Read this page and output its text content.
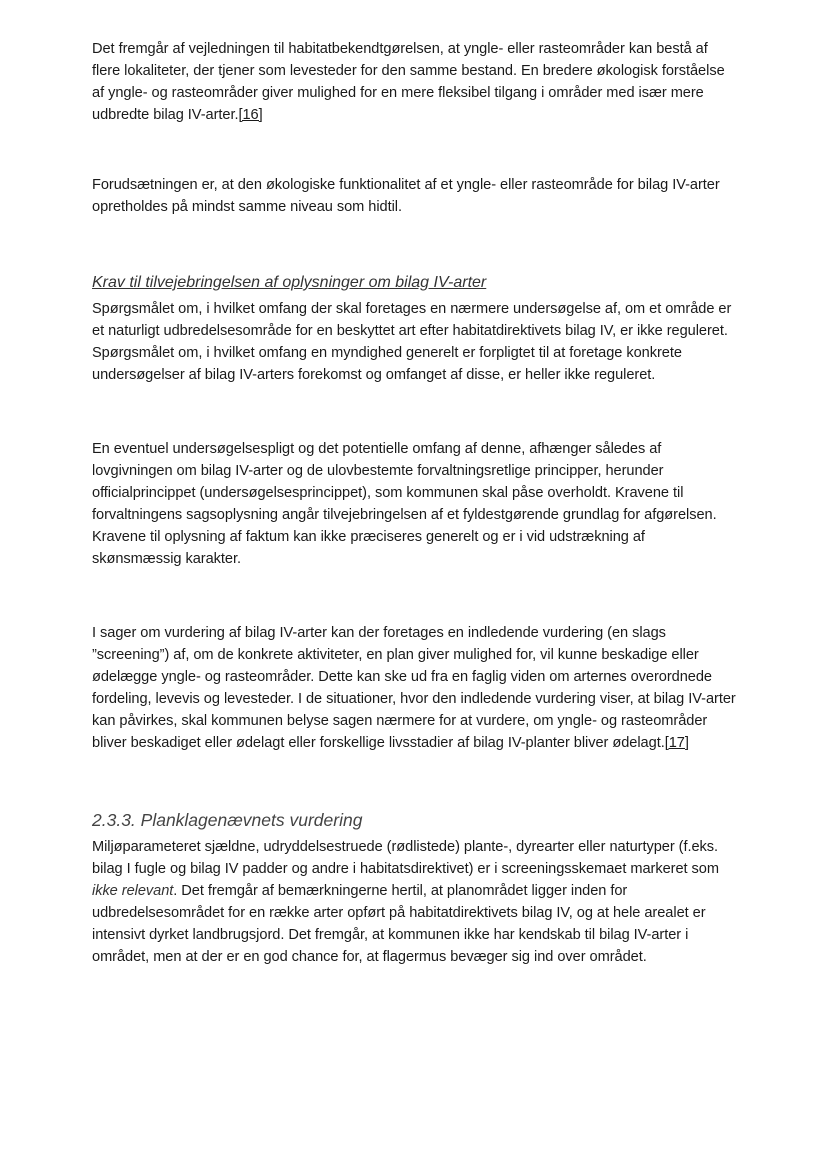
Det fremgår af vejledningen til habitatbekendtgørelsen, at yngle- eller rasteområder kan bestå af flere lokaliteter, der tjener som levesteder for den samme bestand. En bredere økologisk forståelse af yngle- og rasteområder giver mulighed for en mere fleksibel tilgang i områder med især mere udbredte bilag IV-arter.[16]

Forudsætningen er, at den økologiske funktionalitet af et yngle- eller rasteområde for bilag IV-arter opretholdes på mindst samme niveau som hidtil.

Krav til tilvejebringelsen af oplysninger om bilag IV-arter

Spørgsmålet om, i hvilket omfang der skal foretages en nærmere undersøgelse af, om et område er et naturligt udbredelsesområde for en beskyttet art efter habitatdirektivets bilag IV, er ikke reguleret. Spørgsmålet om, i hvilket omfang en myndighed generelt er forpligtet til at foretage konkrete undersøgelser af bilag IV-arters forekomst og omfanget af disse, er heller ikke reguleret.

En eventuel undersøgelsespligt og det potentielle omfang af denne, afhænger således af lovgivningen om bilag IV-arter og de ulovbestemte forvaltningsretlige principper, herunder officialprincippet (undersøgelsesprincippet), som kommunen skal påse overholdt. Kravene til forvaltningens sagsoplysning angår tilvejebringelsen af et fyldestgørende grundlag for afgørelsen. Kravene til oplysning af faktum kan ikke præciseres generelt og er i vid udstrækning af skønsmæssig karakter.

I sager om vurdering af bilag IV-arter kan der foretages en indledende vurdering (en slags ”screening”) af, om de konkrete aktiviteter, en plan giver mulighed for, vil kunne beskadige eller ødelægge yngle- og rasteområder. Dette kan ske ud fra en faglig viden om arternes overordnede fordeling, levevis og levesteder. I de situationer, hvor den indledende vurdering viser, at bilag IV-arter kan påvirkes, skal kommunen belyse sagen nærmere for at vurdere, om yngle- og rasteområder bliver beskadiget eller ødelagt eller forskellige livsstadier af bilag IV-planter bliver ødelagt.[17]

2.3.3. Planklagenævnets vurdering

Miljøparameteret sjældne, udryddelsestruede (rødlistede) plante-, dyrearter eller naturtyper (f.eks. bilag I fugle og bilag IV padder og andre i habitatsdirektivet) er i screeningsskemaet markeret som ikke relevant. Det fremgår af bemærkningerne hertil, at planområdet ligger inden for udbredelsesområdet for en række arter opført på habitatdirektivets bilag IV, og at hele arealet er intensivt dyrket landbrugsjord. Det fremgår, at kommunen ikke har kendskab til bilag IV-arter i området, men at der er en god chance for, at flagermus bevæger sig ind over området.
